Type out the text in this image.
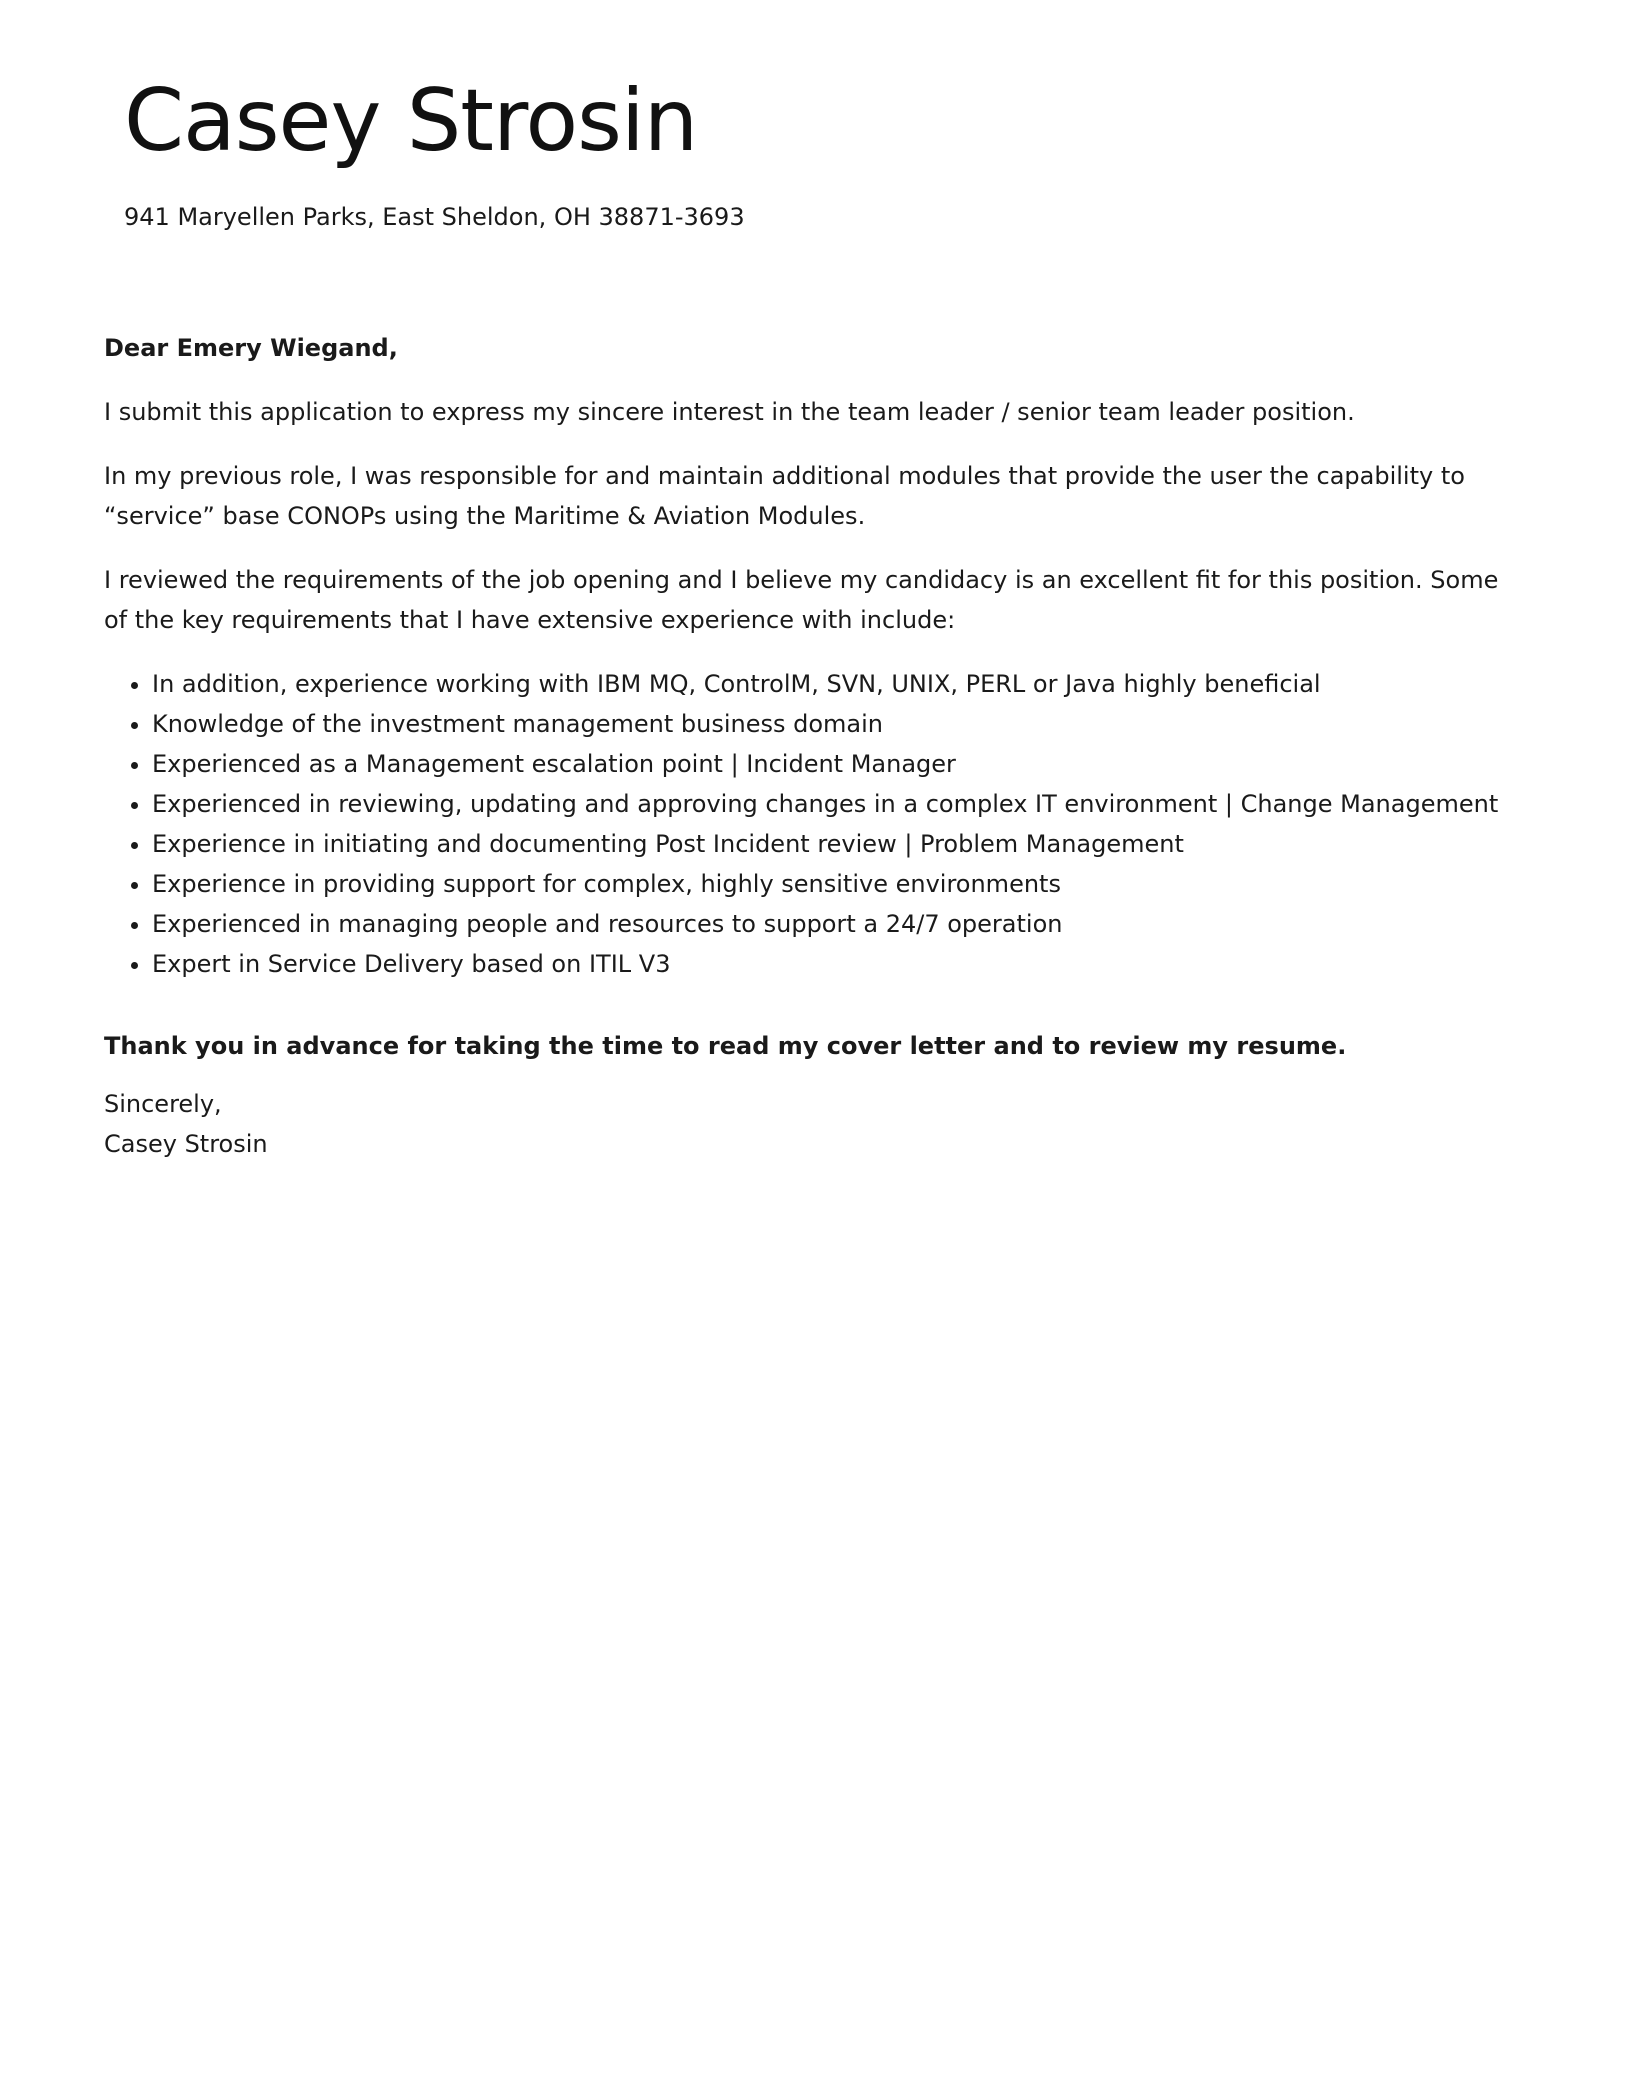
Casey Strosin
941 Maryellen Parks, East Sheldon, OH 38871-3693

Dear Emery Wiegand,

I submit this application to express my sincere interest in the team leader / senior team leader position.

In my previous role, I was responsible for and maintain additional modules that provide the user the capability to “service” base CONOPs using the Maritime & Aviation Modules.

I reviewed the requirements of the job opening and I believe my candidacy is an excellent fit for this position. Some of the key requirements that I have extensive experience with include:

• In addition, experience working with IBM MQ, ControlM, SVN, UNIX, PERL or Java highly beneficial
• Knowledge of the investment management business domain
• Experienced as a Management escalation point | Incident Manager
• Experienced in reviewing, updating and approving changes in a complex IT environment | Change Management
• Experience in initiating and documenting Post Incident review | Problem Management
• Experience in providing support for complex, highly sensitive environments
• Experienced in managing people and resources to support a 24/7 operation
• Expert in Service Delivery based on ITIL V3

Thank you in advance for taking the time to read my cover letter and to review my resume.

Sincerely,

Casey Strosin
